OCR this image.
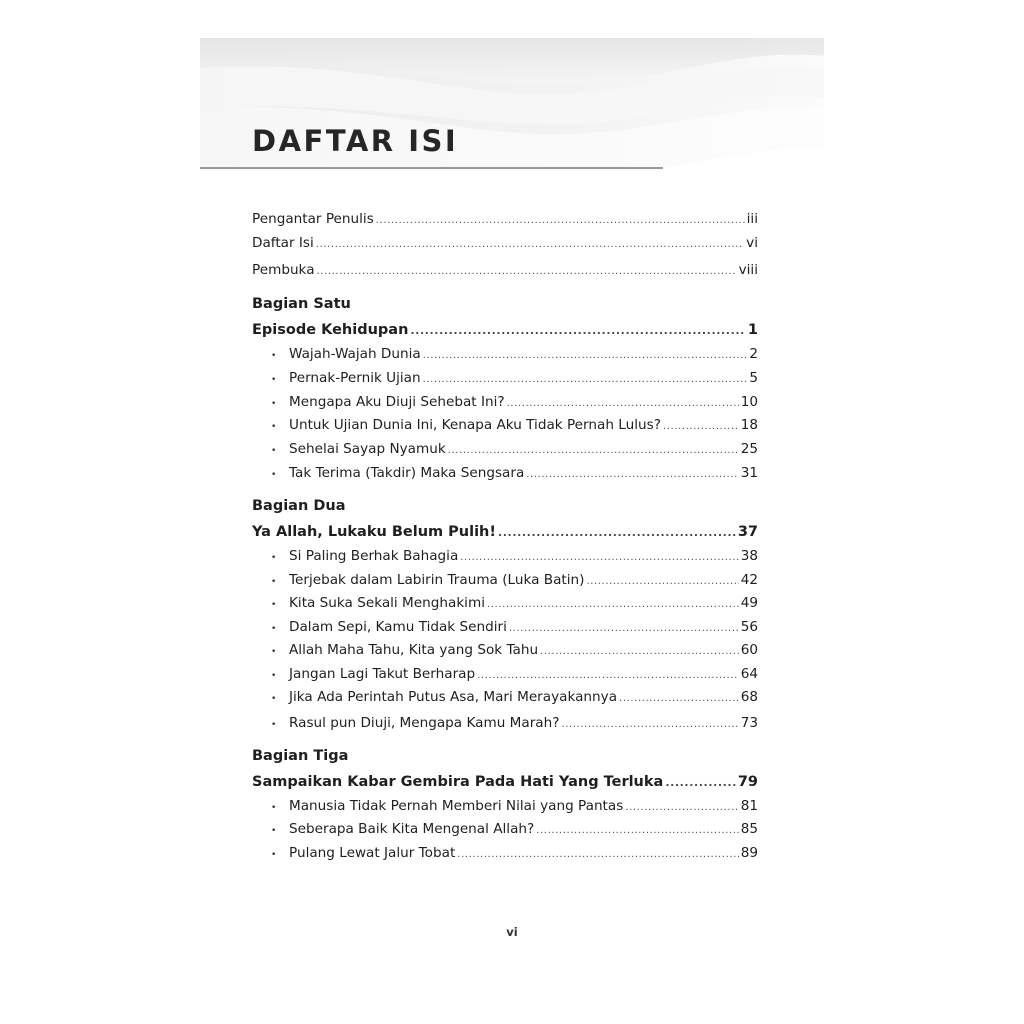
DAFTAR ISI
Pengantar Penulis .....	iii
Daftar Isi .....	vi
Pembuka .....	viii
Bagian Satu
Episode Kehidupan .....	1
• Wajah-Wajah Dunia .....	2
• Pernak-Pernik Ujian .....	5
• Mengapa Aku Diuji Sehebat Ini? .....	10
• Untuk Ujian Dunia Ini, Kenapa Aku Tidak Pernah Lulus? .....	18
• Sehelai Sayap Nyamuk .....	25
• Tak Terima (Takdir) Maka Sengsara .....	31
Bagian Dua
Ya Allah, Lukaku Belum Pulih! .....	37
• Si Paling Berhak Bahagia .....	38
• Terjebak dalam Labirin Trauma (Luka Batin) .....	42
• Kita Suka Sekali Menghakimi .....	49
• Dalam Sepi, Kamu Tidak Sendiri .....	56
• Allah Maha Tahu, Kita yang Sok Tahu .....	60
• Jangan Lagi Takut Berharap .....	64
• Jika Ada Perintah Putus Asa, Mari Merayakannya .....	68
• Rasul pun Diuji, Mengapa Kamu Marah? .....	73
Bagian Tiga
Sampaikan Kabar Gembira Pada Hati Yang Terluka .....	79
• Manusia Tidak Pernah Memberi Nilai yang Pantas .....	81
• Seberapa Baik Kita Mengenal Allah? .....	85
• Pulang Lewat Jalur Tobat .....	89
vi
